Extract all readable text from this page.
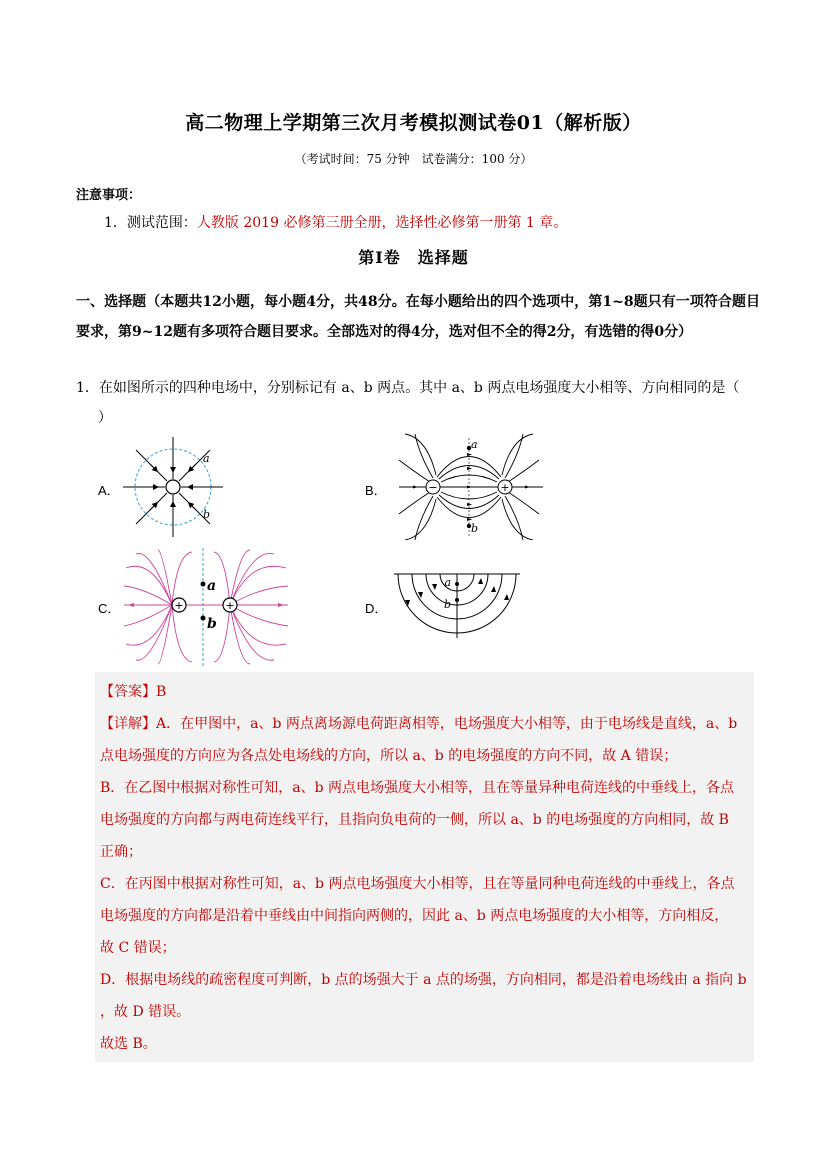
高二物理上学期第三次月考模拟测试卷01（解析版）
（考试时间：75 分钟　试卷满分：100 分）
注意事项：
1．测试范围：人教版 2019 必修第三册全册，选择性必修第一册第 1 章。
第Ⅰ卷　选择题
一、选择题（本题共12小题，每小题4分，共48分。在每小题给出的四个选项中，第1~8题只有一项符合题目要求，第9~12题有多项符合题目要求。全部选对的得4分，选对但不全的得2分，有选错的得0分）
1．在如图所示的四种电场中，分别标记有 a、b 两点。其中 a、b 两点电场强度大小相等、方向相同的是（
）
A．	B．
C．	D．
a
b
a
b
−	+
a
b
+	+
a
b

【答案】B

【详解】A．在甲图中，a、b 两点离场源电荷距离相等，电场强度大小相等，由于电场线是直线，a、b

点电场强度的方向应为各点处电场线的方向，所以 a、b 的电场强度的方向不同，故 A 错误；

B．在乙图中根据对称性可知，a、b 两点电场强度大小相等，且在等量异种电荷连线的中垂线上，各点

电场强度的方向都与两电荷连线平行，且指向负电荷的一侧，所以 a、b 的电场强度的方向相同，故 B

正确；

C．在丙图中根据对称性可知，a、b 两点电场强度大小相等，且在等量同种电荷连线的中垂线上，各点

电场强度的方向都是沿着中垂线由中间指向两侧的，因此 a、b 两点电场强度的大小相等，方向相反，

故 C 错误；

D．根据电场线的疏密程度可判断，b 点的场强大于 a 点的场强，方向相同，都是沿着电场线由 a 指向 b

，故 D 错误。

故选 B。
